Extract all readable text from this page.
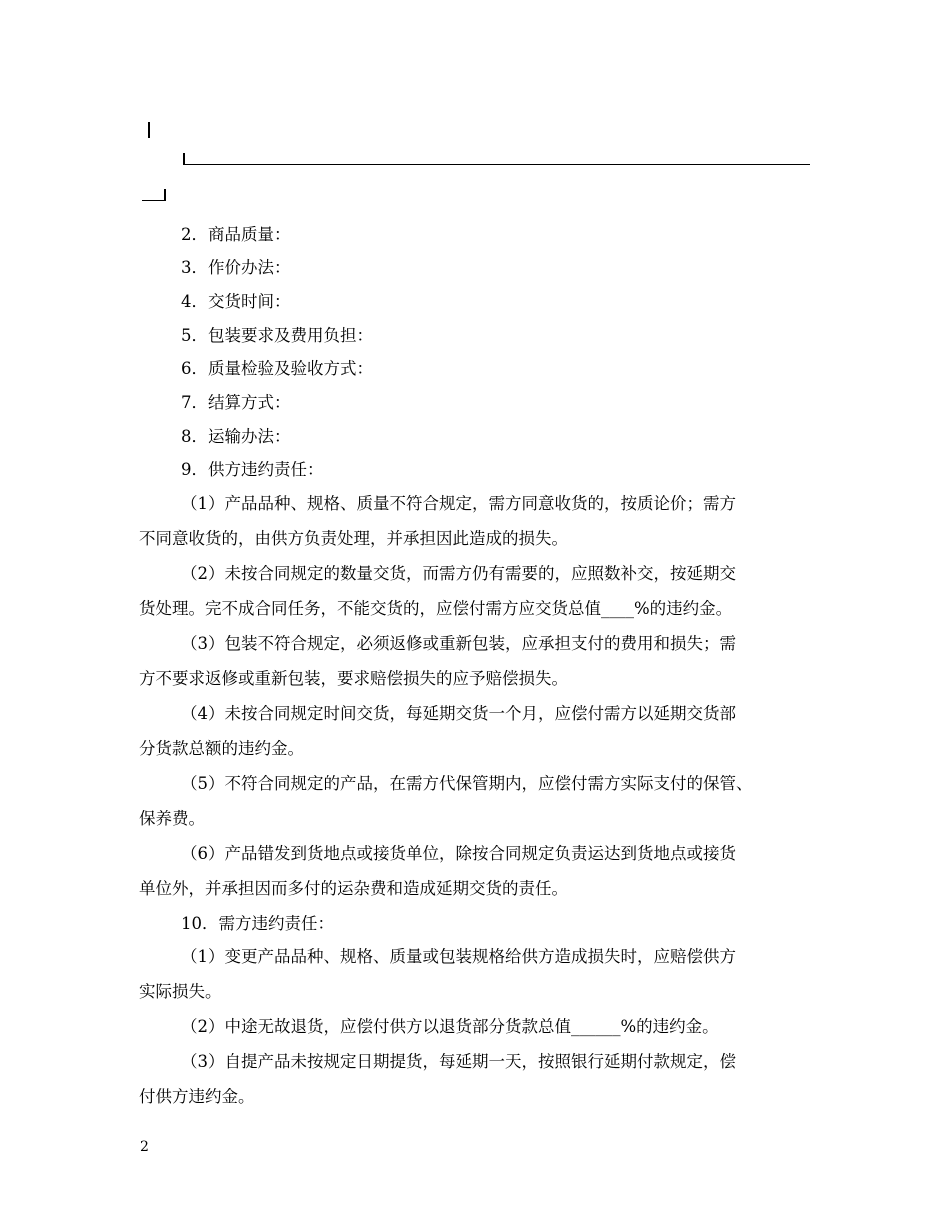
2．商品质量：
3．作价办法：
4．交货时间：
5．包装要求及费用负担：
6．质量检验及验收方式：
7．结算方式：
8．运输办法：
9．供方违约责任：
（1）产品品种、规格、质量不符合规定，需方同意收货的，按质论价；需方
不同意收货的，由供方负责处理，并承担因此造成的损失。
（2）未按合同规定的数量交货，而需方仍有需要的，应照数补交，按延期交
货处理。完不成合同任务，不能交货的，应偿付需方应交货总值____%的违约金。
（3）包装不符合规定，必须返修或重新包装，应承担支付的费用和损失；需
方不要求返修或重新包装，要求赔偿损失的应予赔偿损失。
（4）未按合同规定时间交货，每延期交货一个月，应偿付需方以延期交货部
分货款总额的违约金。
（5）不符合同规定的产品，在需方代保管期内，应偿付需方实际支付的保管、
保养费。
（6）产品错发到货地点或接货单位，除按合同规定负责运达到货地点或接货
单位外，并承担因而多付的运杂费和造成延期交货的责任。
10．需方违约责任：
（1）变更产品品种、规格、质量或包装规格给供方造成损失时，应赔偿供方
实际损失。
（2）中途无故退货，应偿付供方以退货部分货款总值______%的违约金。
（3）自提产品未按规定日期提货，每延期一天，按照银行延期付款规定，偿
付供方违约金。
2
